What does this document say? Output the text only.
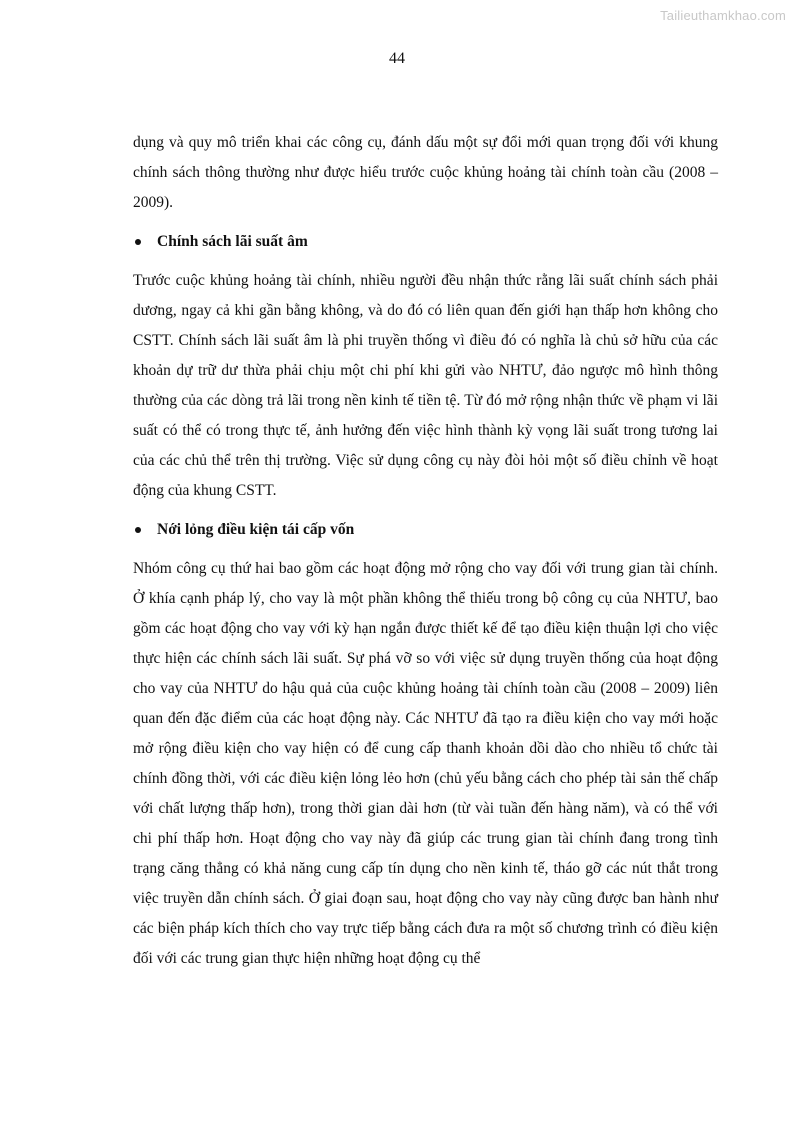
Tailieuthamkhao.com
44

dụng và quy mô triển khai các công cụ, đánh dấu một sự đổi mới quan trọng đối với khung chính sách thông thường như được hiểu trước cuộc khủng hoảng tài chính toàn cầu (2008 – 2009).

Chính sách lãi suất âm

Trước cuộc khủng hoảng tài chính, nhiều người đều nhận thức rằng lãi suất chính sách phải dương, ngay cả khi gần bằng không, và do đó có liên quan đến giới hạn thấp hơn không cho CSTT. Chính sách lãi suất âm là phi truyền thống vì điều đó có nghĩa là chủ sở hữu của các khoản dự trữ dư thừa phải chịu một chi phí khi gửi vào NHTƯ, đảo ngược mô hình thông thường của các dòng trả lãi trong nền kinh tế tiền tệ. Từ đó mở rộng nhận thức về phạm vi lãi suất có thể có trong thực tế, ảnh hưởng đến việc hình thành kỳ vọng lãi suất trong tương lai của các chủ thể trên thị trường. Việc sử dụng công cụ này đòi hỏi một số điều chỉnh về hoạt động của khung CSTT.

Nới lỏng điều kiện tái cấp vốn

Nhóm công cụ thứ hai bao gồm các hoạt động mở rộng cho vay đối với trung gian tài chính. Ở khía cạnh pháp lý, cho vay là một phần không thể thiếu trong bộ công cụ của NHTƯ, bao gồm các hoạt động cho vay với kỳ hạn ngắn được thiết kế để tạo điều kiện thuận lợi cho việc thực hiện các chính sách lãi suất. Sự phá vỡ so với việc sử dụng truyền thống của hoạt động cho vay của NHTƯ do hậu quả của cuộc khủng hoảng tài chính toàn cầu (2008 – 2009) liên quan đến đặc điểm của các hoạt động này. Các NHTƯ đã tạo ra điều kiện cho vay mới hoặc mở rộng điều kiện cho vay hiện có để cung cấp thanh khoản dồi dào cho nhiều tổ chức tài chính đồng thời, với các điều kiện lỏng lẻo hơn (chủ yếu bằng cách cho phép tài sản thế chấp với chất lượng thấp hơn), trong thời gian dài hơn (từ vài tuần đến hàng năm), và có thể với chi phí thấp hơn. Hoạt động cho vay này đã giúp các trung gian tài chính đang trong tình trạng căng thẳng có khả năng cung cấp tín dụng cho nền kinh tế, tháo gỡ các nút thắt trong việc truyền dẫn chính sách. Ở giai đoạn sau, hoạt động cho vay này cũng được ban hành như các biện pháp kích thích cho vay trực tiếp bằng cách đưa ra một số chương trình có điều kiện đối với các trung gian thực hiện những hoạt động cụ thể
